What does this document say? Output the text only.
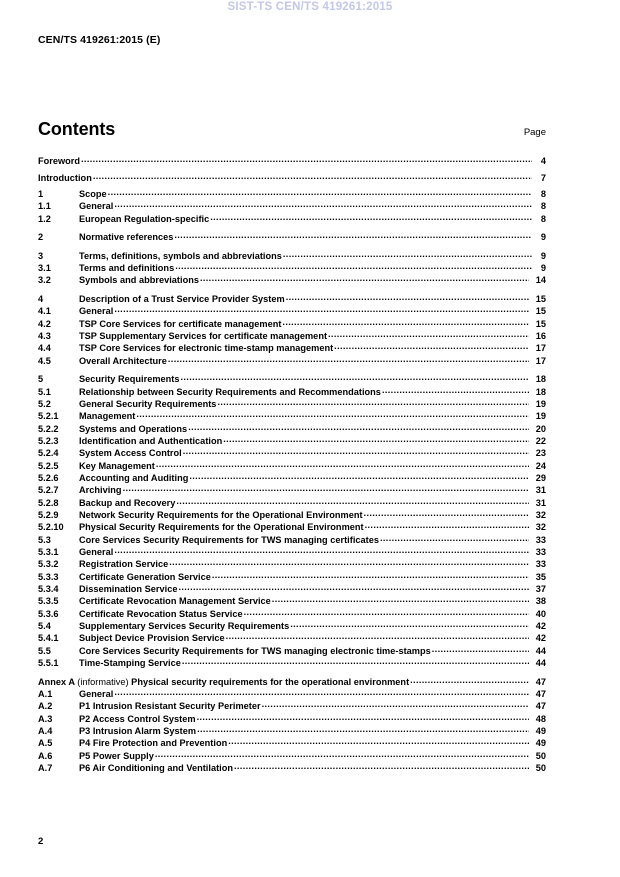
SIST-TS CEN/TS 419261:2015
CEN/TS 419261:2015 (E)
Contents	Page
Foreword .....	4
Introduction .....	7
1	Scope .....	8
1.1	General .....	8
1.2	European Regulation-specific .....	8
2	Normative references .....	9
3	Terms, definitions, symbols and abbreviations .....	9
3.1	Terms and definitions .....	9
3.2	Symbols and abbreviations .....	14
4	Description of a Trust Service Provider System .....	15
4.1	General .....	15
4.2	TSP Core Services for certificate management .....	15
4.3	TSP Supplementary Services for certificate management .....	16
4.4	TSP Core Services for electronic time-stamp management .....	17
4.5	Overall Architecture .....	17
5	Security Requirements .....	18
5.1	Relationship between Security Requirements and Recommendations .....	18
5.2	General Security Requirements .....	19
5.2.1	Management .....	19
5.2.2	Systems and Operations .....	20
5.2.3	Identification and Authentication .....	22
5.2.4	System Access Control .....	23
5.2.5	Key Management .....	24
5.2.6	Accounting and Auditing .....	29
5.2.7	Archiving .....	31
5.2.8	Backup and Recovery .....	31
5.2.9	Network Security Requirements for the Operational Environment .....	32
5.2.10	Physical Security Requirements for the Operational Environment .....	32
5.3	Core Services Security Requirements for TWS managing certificates .....	33
5.3.1	General .....	33
5.3.2	Registration Service .....	33
5.3.3	Certificate Generation Service .....	35
5.3.4	Dissemination Service .....	37
5.3.5	Certificate Revocation Management Service .....	38
5.3.6	Certificate Revocation Status Service .....	40
5.4	Supplementary Services Security Requirements .....	42
5.4.1	Subject Device Provision Service .....	42
5.5	Core Services Security Requirements for TWS managing electronic time-stamps .....	44
5.5.1	Time-Stamping Service .....	44
Annex A (informative) Physical security requirements for the operational environment .....	47
A.1	General .....	47
A.2	P1 Intrusion Resistant Security Perimeter .....	47
A.3	P2 Access Control System .....	48
A.4	P3 Intrusion Alarm System .....	49
A.5	P4 Fire Protection and Prevention .....	49
A.6	P5 Power Supply .....	50
A.7	P6 Air Conditioning and Ventilation .....	50
2
